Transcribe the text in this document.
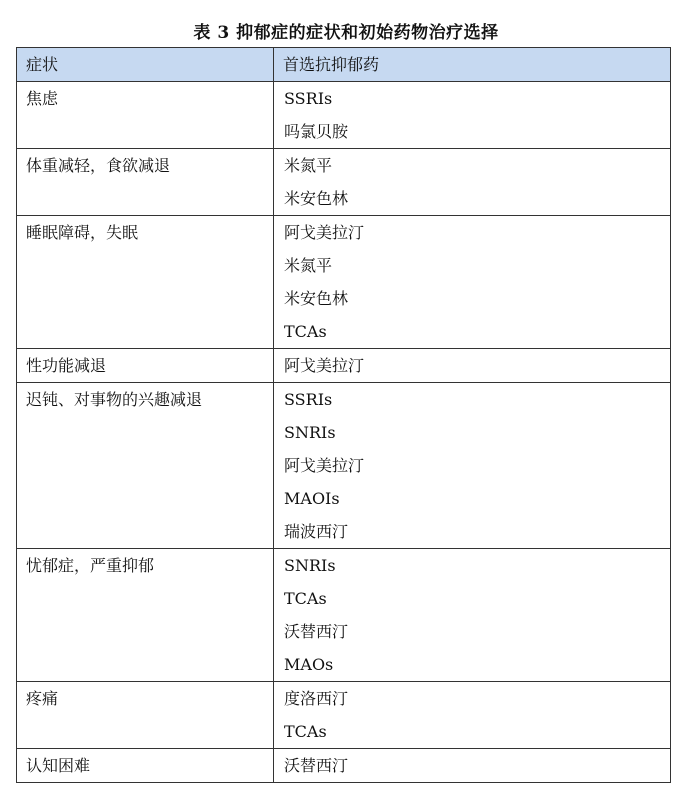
表 3 抑郁症的症状和初始药物治疗选择
症状	首选抗抑郁药

焦虑	SSRIs
吗氯贝胺

体重减轻，食欲减退	米氮平
米安色林

睡眠障碍，失眠	阿戈美拉汀
米氮平
米安色林
TCAs

性功能减退	阿戈美拉汀

迟钝、对事物的兴趣减退	SSRIs
SNRIs
阿戈美拉汀
MAOIs
瑞波西汀

忧郁症，严重抑郁	SNRIs
TCAs
沃替西汀
MAOs

疼痛	度洛西汀
TCAs

认知困难	沃替西汀
